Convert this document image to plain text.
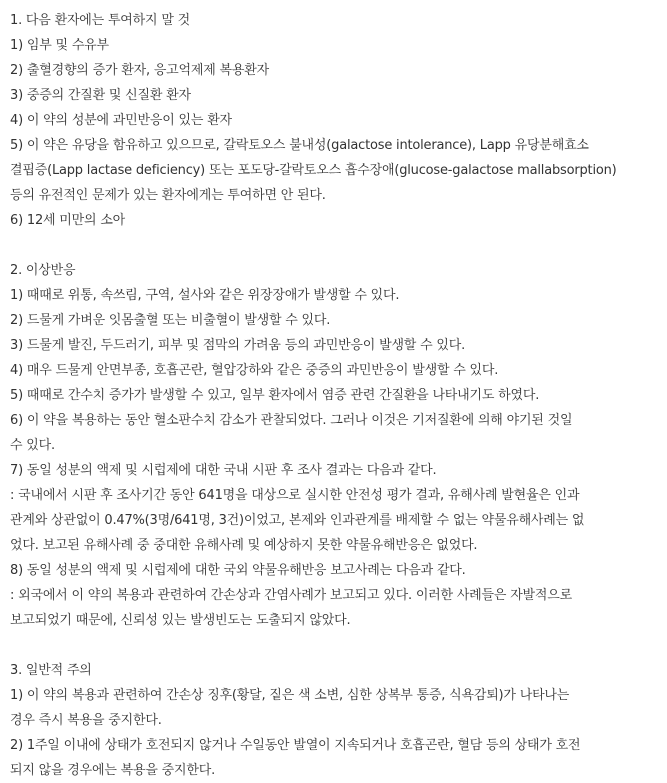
1. 다음 환자에는 투여하지 말 것
1) 임부 및 수유부
2) 출혈경향의 증가 환자, 응고억제제 복용환자
3) 중증의 간질환 및 신질환 환자
4) 이 약의 성분에 과민반응이 있는 환자
5) 이 약은 유당을 함유하고 있으므로, 갈락토오스 불내성(galactose intolerance), Lapp 유당분해효소
결핍증(Lapp lactase deficiency) 또는 포도당-갈락토오스 흡수장애(glucose-galactose mallabsorption)
등의 유전적인 문제가 있는 환자에게는 투여하면 안 된다.
6) 12세 미만의 소아
2. 이상반응
1) 때때로 위통, 속쓰림, 구역, 설사와 같은 위장장애가 발생할 수 있다.
2) 드물게 가벼운 잇몸출혈 또는 비출혈이 발생할 수 있다.
3) 드물게 발진, 두드러기, 피부 및 점막의 가려움 등의 과민반응이 발생할 수 있다.
4) 매우 드물게 안면부종, 호흡곤란, 혈압강하와 같은 중증의 과민반응이 발생할 수 있다.
5) 때때로 간수치 증가가 발생할 수 있고, 일부 환자에서 염증 관련 간질환을 나타내기도 하였다.
6) 이 약을 복용하는 동안 혈소판수치 감소가 관찰되었다. 그러나 이것은 기저질환에 의해 야기된 것일
수 있다.
7) 동일 성분의 액제 및 시럽제에 대한 국내 시판 후 조사 결과는 다음과 같다.
: 국내에서 시판 후 조사기간 동안 641명을 대상으로 실시한 안전성 평가 결과, 유해사례 발현율은 인과
관계와 상관없이 0.47%(3명/641명, 3건)이었고, 본제와 인과관계를 배제할 수 없는 약물유해사례는 없
었다. 보고된 유해사례 중 중대한 유해사례 및 예상하지 못한 약물유해반응은 없었다.
8) 동일 성분의 액제 및 시럽제에 대한 국외 약물유해반응 보고사례는 다음과 같다.
: 외국에서 이 약의 복용과 관련하여 간손상과 간염사례가 보고되고 있다. 이러한 사례들은 자발적으로
보고되었기 때문에, 신뢰성 있는 발생빈도는 도출되지 않았다.
3. 일반적 주의
1) 이 약의 복용과 관련하여 간손상 징후(황달, 짙은 색 소변, 심한 상복부 통증, 식욕감퇴)가 나타나는
경우 즉시 복용을 중지한다.
2) 1주일 이내에 상태가 호전되지 않거나 수일동안 발열이 지속되거나 호흡곤란, 혈담 등의 상태가 호전
되지 않을 경우에는 복용을 중지한다.
